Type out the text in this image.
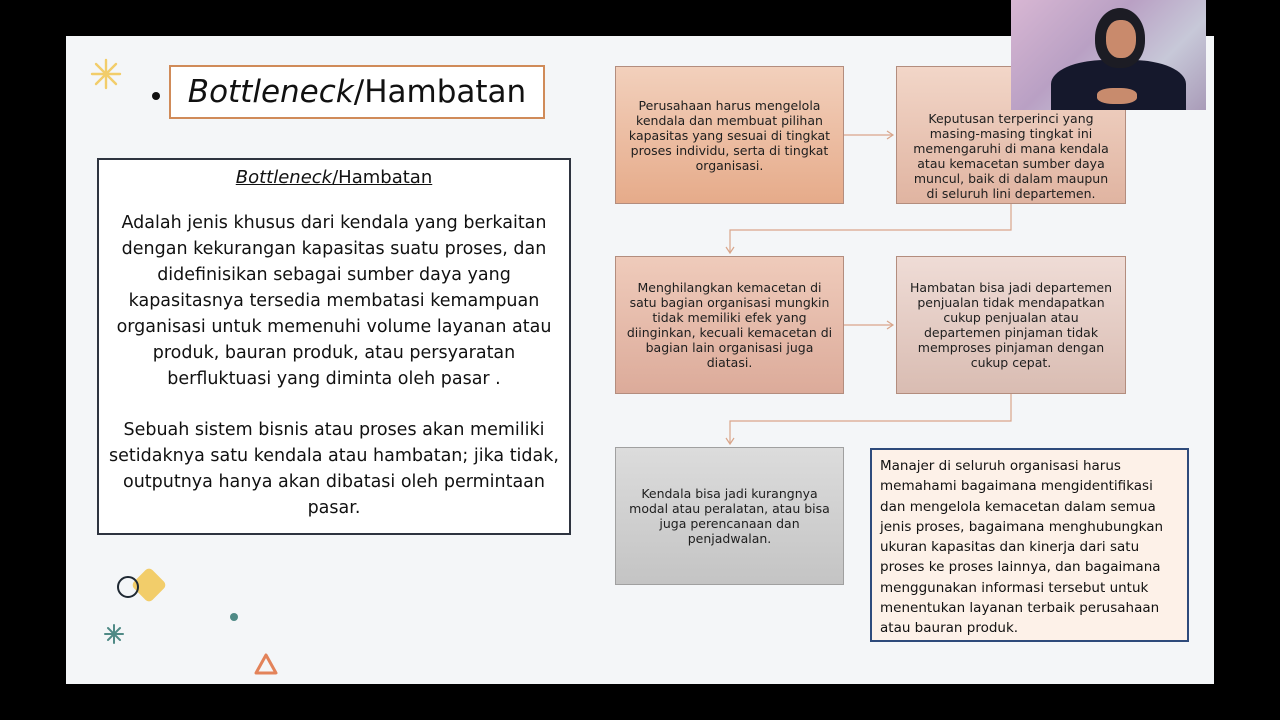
Bottleneck /Hambatan
Bottleneck/Hambatan
Adalah jenis khusus dari kendala yang berkaitan dengan kekurangan kapasitas suatu proses, dan didefinisikan sebagai sumber daya yang kapasitasnya tersedia membatasi kemampuan organisasi untuk memenuhi volume layanan atau produk, bauran produk, atau persyaratan berfluktuasi yang diminta oleh pasar .
Sebuah sistem bisnis atau proses akan memiliki setidaknya satu kendala atau hambatan; jika tidak, outputnya hanya akan dibatasi oleh permintaan pasar.
Perusahaan harus mengelola kendala dan membuat pilihan kapasitas yang sesuai di tingkat proses individu, serta di tingkat organisasi.
Keputusan terperinci yang masing-masing tingkat ini memengaruhi di mana kendala atau kemacetan sumber daya muncul, baik di dalam maupun di seluruh lini departemen.
Menghilangkan kemacetan di satu bagian organisasi mungkin tidak memiliki efek yang diinginkan, kecuali kemacetan di bagian lain organisasi juga diatasi.
Hambatan bisa jadi departemen penjualan tidak mendapatkan cukup penjualan atau departemen pinjaman tidak memproses pinjaman dengan cukup cepat.
Kendala bisa jadi kurangnya modal atau peralatan, atau bisa juga perencanaan dan penjadwalan.
Manajer di seluruh organisasi harus memahami bagaimana mengidentifikasi dan mengelola kemacetan dalam semua jenis proses, bagaimana menghubungkan ukuran kapasitas dan kinerja dari satu proses ke proses lainnya, dan bagaimana menggunakan informasi tersebut untuk menentukan layanan terbaik perusahaan atau bauran produk.
